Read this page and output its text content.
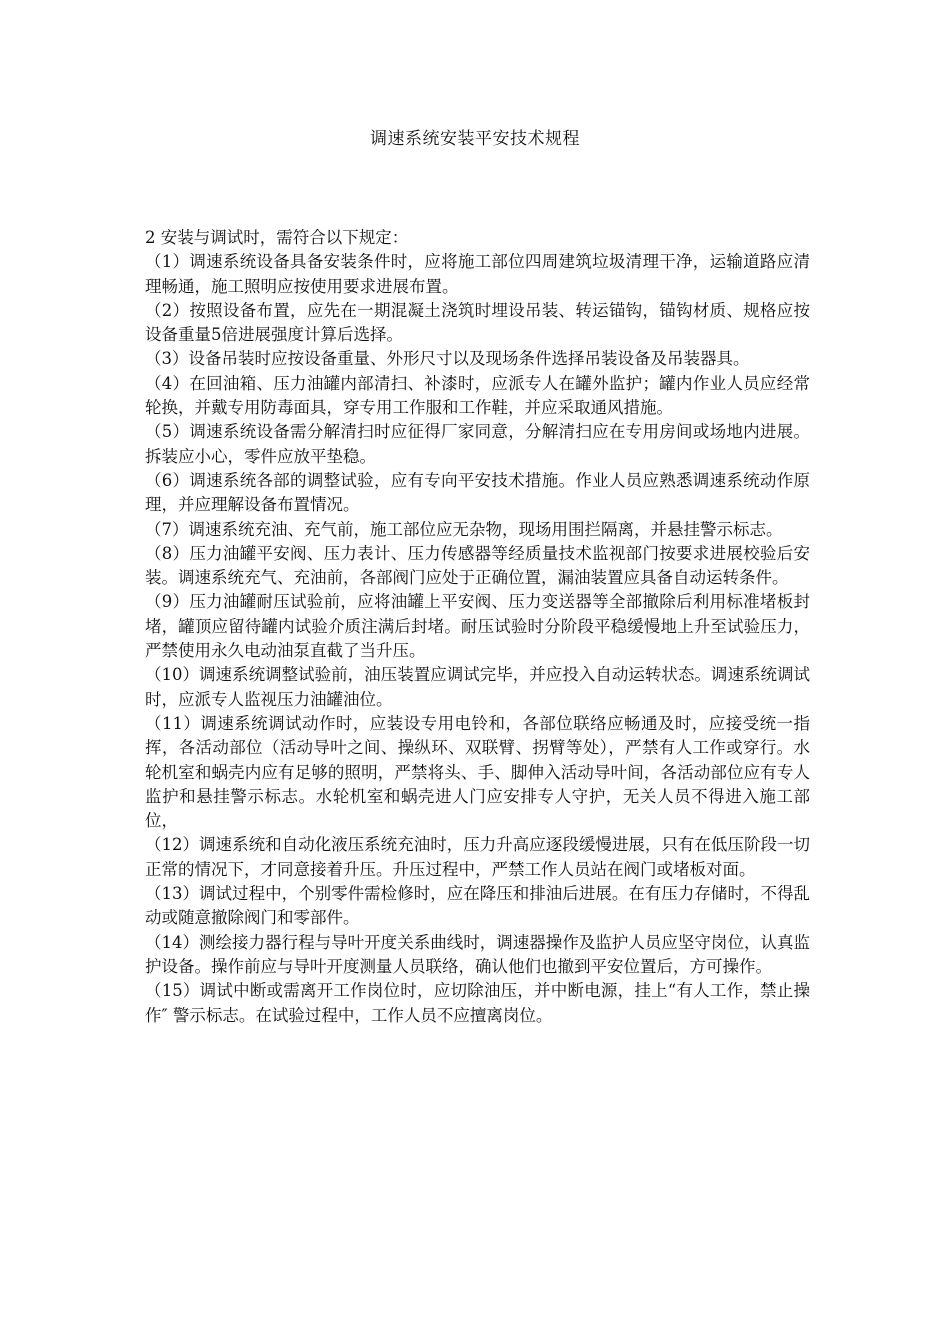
调速系统安装平安技术规程

2 安装与调试时，需符合以下规定：

（1）调速系统设备具备安装条件时，应将施工部位四周建筑垃圾清理干净，运输道路应清理畅通，施工照明应按使用要求进展布置。

（2）按照设备布置，应先在一期混凝土浇筑时埋设吊装、转运锚钩，锚钩材质、规格应按设备重量5倍进展强度计算后选择。

（3）设备吊装时应按设备重量、外形尺寸以及现场条件选择吊装设备及吊装器具。

（4）在回油箱、压力油罐内部清扫、补漆时，应派专人在罐外监护；罐内作业人员应经常轮换，并戴专用防毒面具，穿专用工作服和工作鞋，并应采取通风措施。

（5）调速系统设备需分解清扫时应征得厂家同意，分解清扫应在专用房间或场地内进展。拆装应小心，零件应放平垫稳。

（6）调速系统各部的调整试验，应有专向平安技术措施。作业人员应熟悉调速系统动作原理，并应理解设备布置情况。

（7）调速系统充油、充气前，施工部位应无杂物，现场用围拦隔离，并悬挂警示标志。

（8）压力油罐平安阀、压力表计、压力传感器等经质量技术监视部门按要求进展校验后安装。调速系统充气、充油前，各部阀门应处于正确位置，漏油装置应具备自动运转条件。

（9）压力油罐耐压试验前，应将油罐上平安阀、压力变送器等全部撤除后利用标准堵板封堵，罐顶应留待罐内试验介质注满后封堵。耐压试验时分阶段平稳缓慢地上升至试验压力，严禁使用永久电动油泵直截了当升压。

（10）调速系统调整试验前，油压装置应调试完毕，并应投入自动运转状态。调速系统调试时，应派专人监视压力油罐油位。

（11）调速系统调试动作时，应装设专用电铃和，各部位联络应畅通及时，应接受统一指挥，各活动部位（活动导叶之间、操纵环、双联臂、拐臂等处），严禁有人工作或穿行。水轮机室和蜗壳内应有足够的照明，严禁将头、手、脚伸入活动导叶间，各活动部位应有专人监护和悬挂警示标志。水轮机室和蜗壳进人门应安排专人守护，无关人员不得进入施工部位，

（12）调速系统和自动化液压系统充油时，压力升高应逐段缓慢进展，只有在低压阶段一切正常的情况下，才同意接着升压。升压过程中，严禁工作人员站在阀门或堵板对面。

（13）调试过程中，个别零件需检修时，应在降压和排油后进展。在有压力存储时，不得乱动或随意撤除阀门和零部件。

（14）测绘接力器行程与导叶开度关系曲线时，调速器操作及监护人员应坚守岗位，认真监护设备。操作前应与导叶开度测量人员联络，确认他们也撤到平安位置后，方可操作。

（15）调试中断或需离开工作岗位时，应切除油压，并中断电源，挂上“有人工作，禁止操作″ 警示标志。在试验过程中，工作人员不应擅离岗位。
